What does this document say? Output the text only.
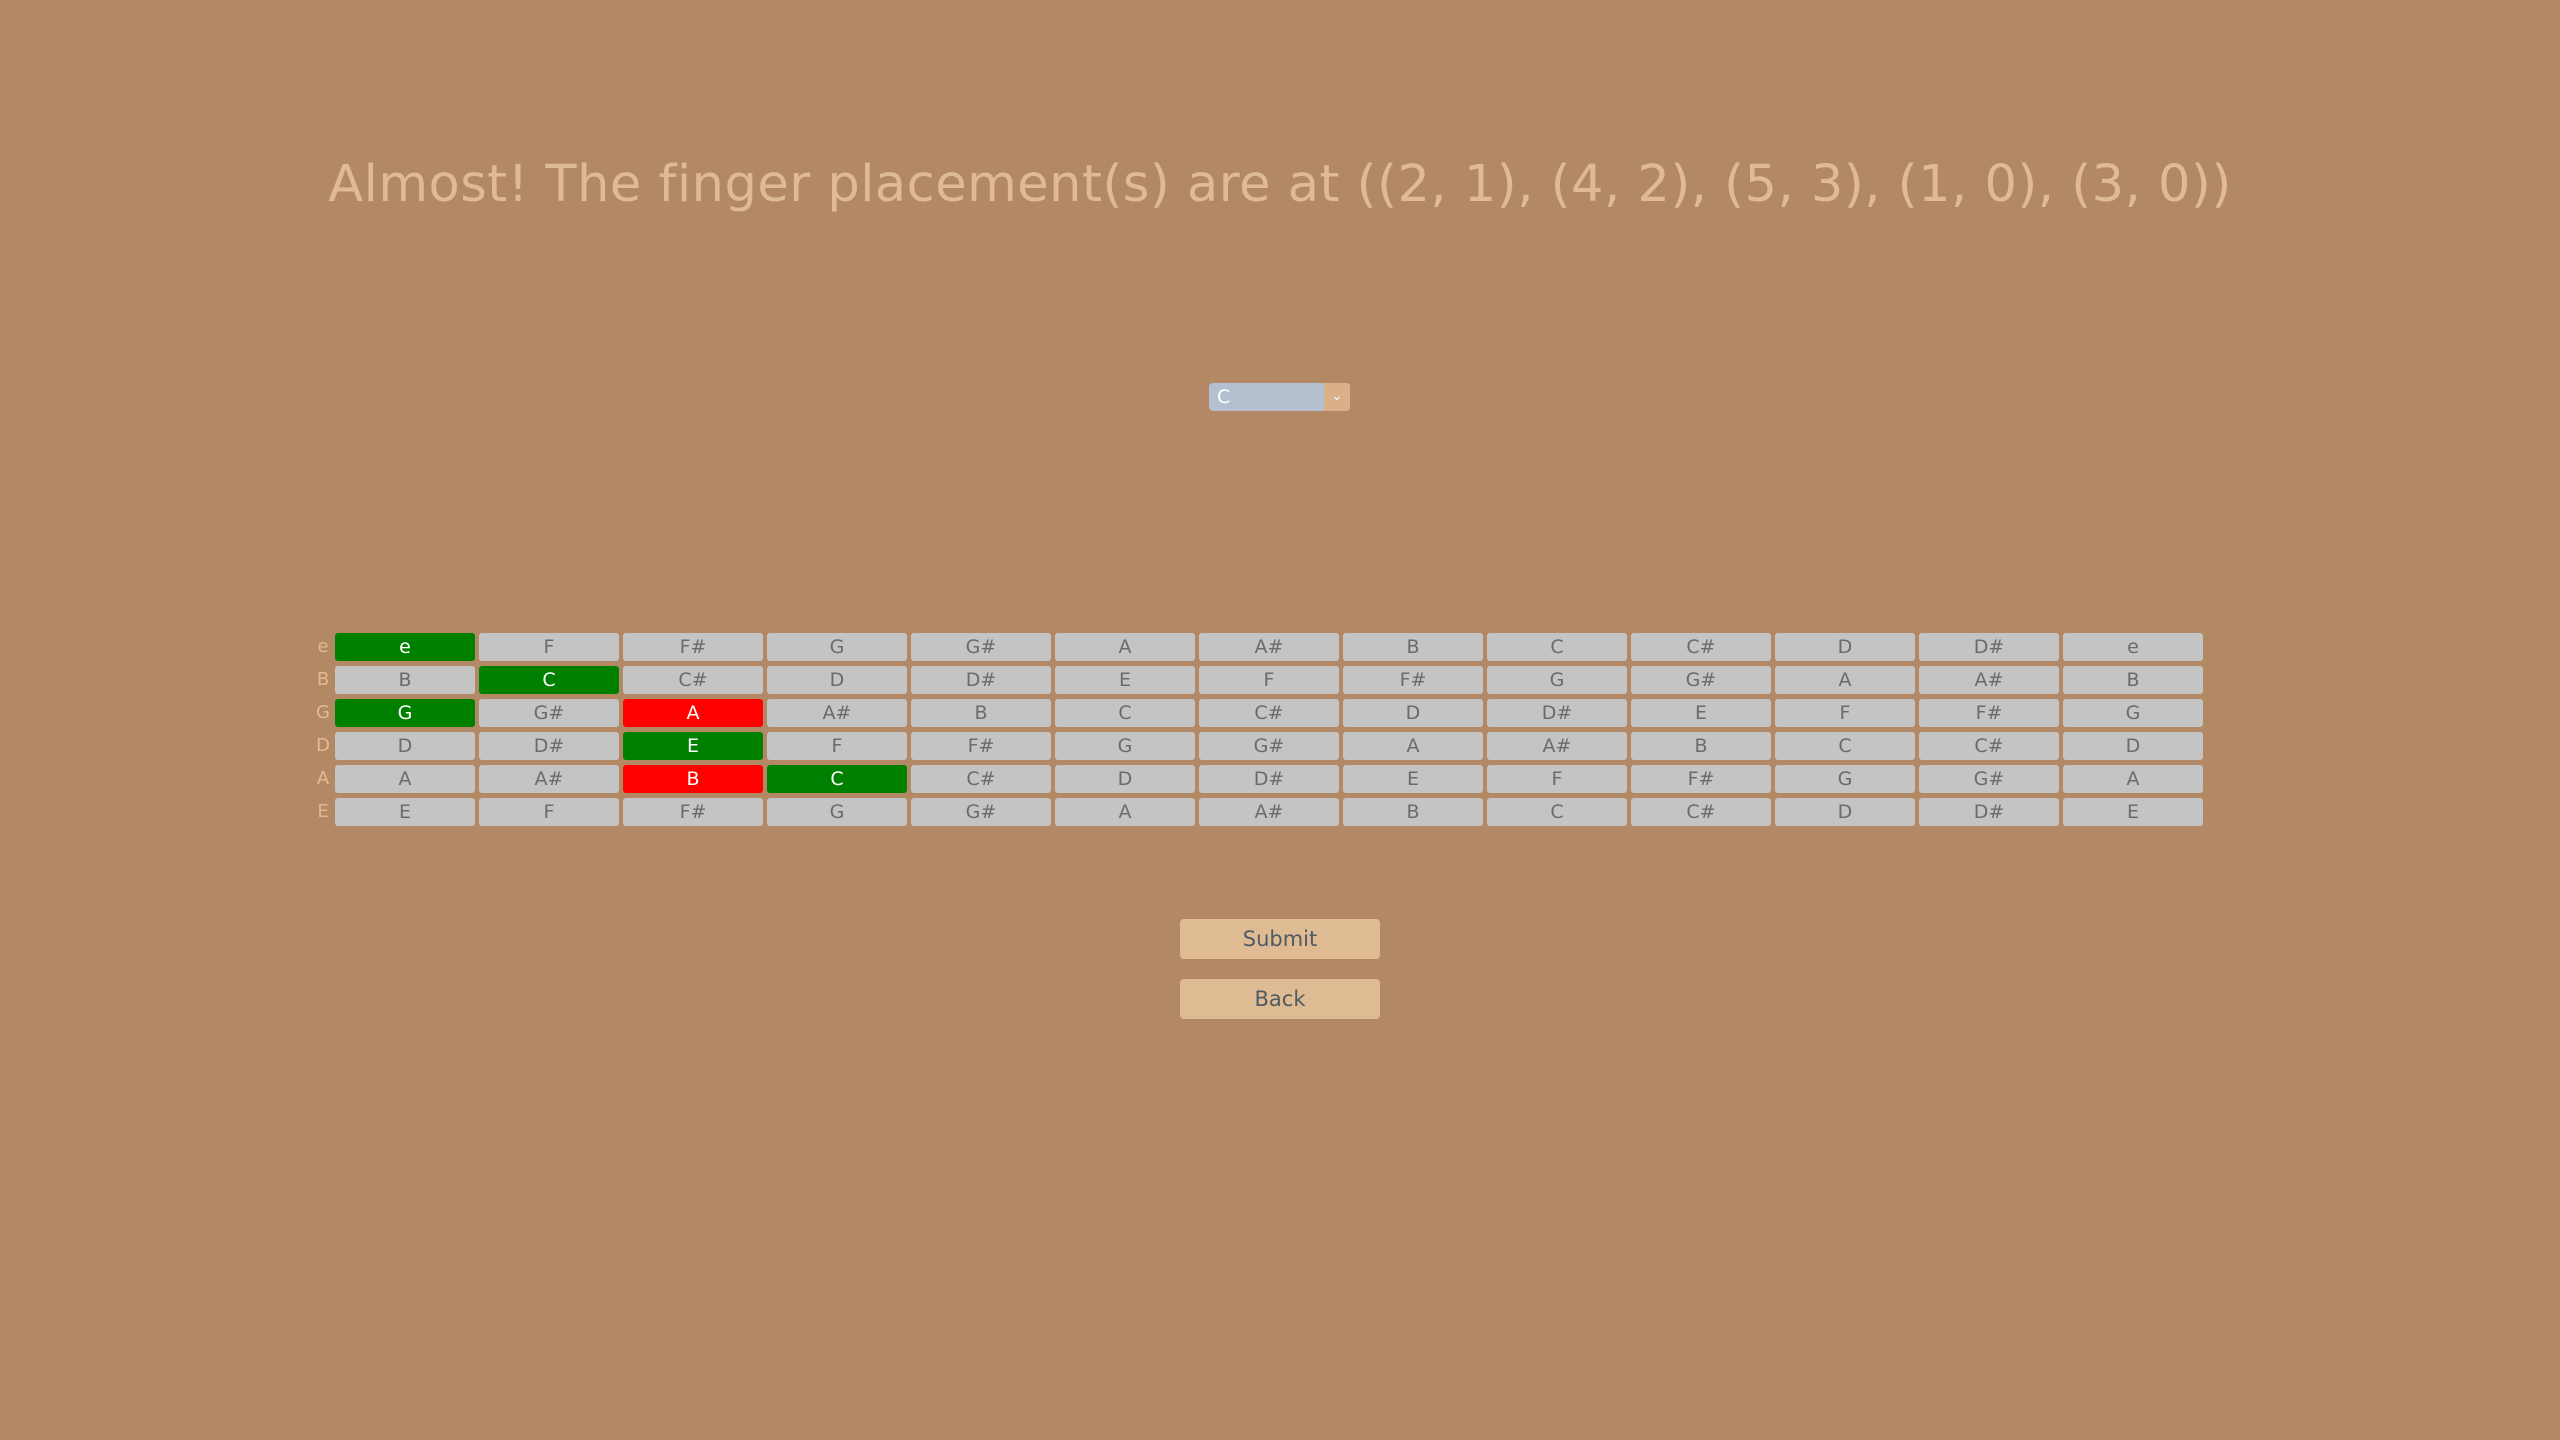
Almost! The finger placement(s) are at ((2, 1), (4, 2), (5, 3), (1, 0), (3, 0))
C	⌄
e	e	F	F#	G	G#	A	A#	B	C	C#	D	D#	e
B	B	C	C#	D	D#	E	F	F#	G	G#	A	A#	B
G	G	G#	A	A#	B	C	C#	D	D#	E	F	F#	G
D	D	D#	E	F	F#	G	G#	A	A#	B	C	C#	D
A	A	A#	B	C	C#	D	D#	E	F	F#	G	G#	A
E	E	F	F#	G	G#	A	A#	B	C	C#	D	D#	E
Submit
Back
